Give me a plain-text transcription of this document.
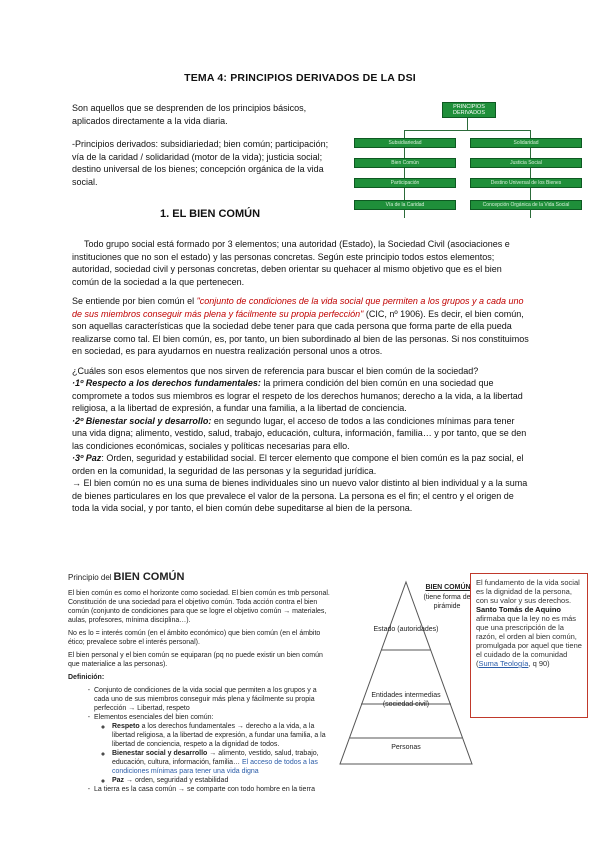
TEMA 4: PRINCIPIOS DERIVADOS DE LA DSI

Son aquellos que se desprenden de los principios básicos, aplicados directamente a la vida diaria.

-Principios derivados: subsidiariedad; bien común; participación; vía de la caridad / solidaridad (motor de la vida); justicia social; destino universal de los bienes; concepción orgánica de la vida social.

PRINCIPIOS DERIVADOS
Subsidiariedad
Bien Común
Participación
Vía de la Caridad
Solidaridad
Justicia Social
Destino Universal de los Bienes
Concepción Orgánica de la Vida Social
1. EL BIEN COMÚN

Todo grupo social está formado por 3 elementos; una autoridad (Estado), la Sociedad Civil (asociaciones e instituciones que no son el estado) y las personas concretas. Según este principio todos estos elementos; autoridad, sociedad civil y personas concretas, deben orientar su quehacer al mismo objetivo que es el bien común de la sociedad a la que pertenecen.

Se entiende por bien común el "conjunto de condiciones de la vida social que permiten a los grupos y a cada uno de sus miembros conseguir más plena y fácilmente su propia perfección" (CIC, nº 1906). Es decir, el bien común, son aquellas características que la sociedad debe tener para que cada persona que forma parte de ella pueda realizarse como tal. El bien común, es, por tanto, un bien subordinado al bien de las personas. Si nos constituimos en sociedad, es para ayudarnos en nuestra realización personal unos a otros.

¿Cuáles son esos elementos que nos sirven de referencia para buscar el bien común de la sociedad?

·1º Respecto a los derechos fundamentales: la primera condición del bien común en una sociedad que compromete a todos sus miembros es lograr el respeto de los derechos humanos; derecho a la vida, a la libertad religiosa, a la libertad de expresión, a fundar una familia, a la libertad de conciencia.

·2º Bienestar social y desarrollo: en segundo lugar, el acceso de todos a las condiciones mínimas para tener una vida digna; alimento, vestido, salud, trabajo, educación, cultura, información, familia… y por tanto, que se den las condiciones económicas, sociales y políticas necesarias para ello.

·3º Paz: Orden, seguridad y estabilidad social. El tercer elemento que compone el bien común es la paz social, el orden en la comunidad, la seguridad de las personas y la seguridad jurídica.

→ El bien común no es una suma de bienes individuales sino un nuevo valor distinto al bien individual y a la suma de bienes particulares en los que prevalece el valor de la persona. La persona es el fin; el centro y el origen de toda la vida social, y por tanto, el bien común debe supeditarse al bien de la persona.

Principio del BIEN COMÚN

El bien común es como el horizonte como sociedad. El bien común es tmb personal. Constitución de una sociedad para el objetivo común. Toda acción contra el bien común (conjunto de condiciones para que se logre el objetivo común → materiales, aulas, profesores, mínima disciplina…).

No es lo = interés común (en el ámbito económico) que bien común (en el ámbito ético; prevalece sobre el interés personal).

El bien personal y el bien común se equiparan (pq no puede existir un bien común que materialice a las personas).

Definición:

- Conjunto de condiciones de la vida social que permiten a los grupos y a cada uno de sus miembros conseguir más plena y fácilmente su propia perfección → Libertad, respeto
- Elementos esenciales del bien común:
◦ Respeto a los derechos fundamentales → derecho a la vida, a la libertad religiosa, a la libertad de expresión, a fundar una familia, a la libertad de conciencia, respeto a la dignidad de todos.
◦ Bienestar social y desarrollo → alimento, vestido, salud, trabajo, educación, cultura, información, familia… El acceso de todos a las condiciones mínimas para tener una vida digna
◦ Paz → orden, seguridad y estabilidad
- La tierra es la casa común → se comparte con todo hombre en la tierra
BIEN COMÚN
(tiene forma de pirámide
Estado (autoridades)
Entidades intermedias (sociedad civil)
Personas
El fundamento de la vida social es la dignidad de la persona, con su valor y sus derechos. Santo Tomás de Aquino afirmaba que la ley no es más que una prescripción de la razón, el orden al bien común, promulgada por aquel que tiene el cuidado de la comunidad (Suma Teología, q 90)
